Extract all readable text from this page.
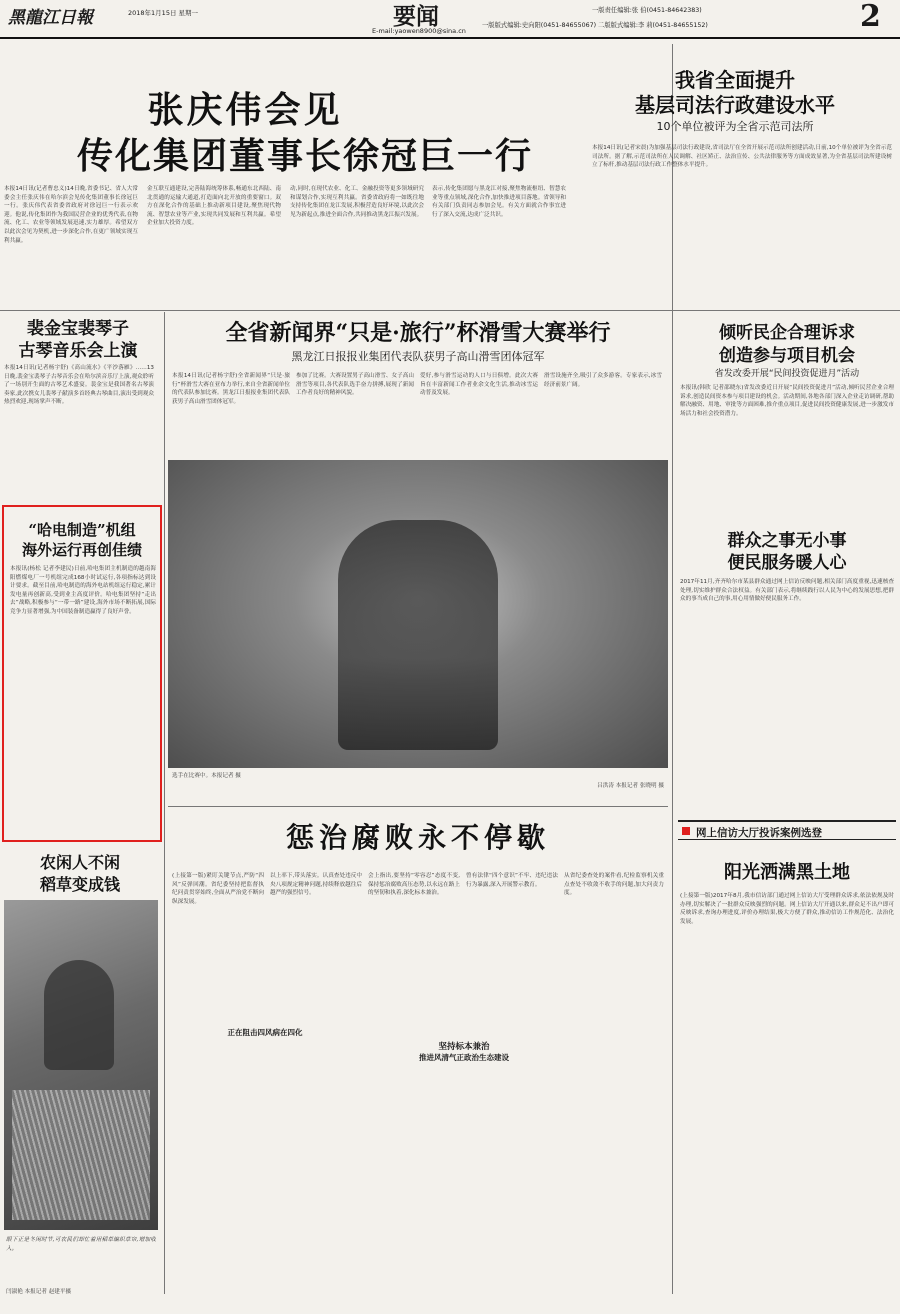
黑龍江日報	2018年1月15日 星期一	要闻
E-mail:yaowen8900@sina.cn
一版责任编辑:张 伯(0451-84642383)
一版版式编辑:史向阳(0451-84655067) 二版版式编辑:李 莉(0451-84655152)	2
张庆伟会见
传化集团董事长徐冠巨一行
本报14日讯(记者曹忠义)14日晚,省委书记、省人大常委会主任张庆伟在哈尔滨会见传化集团董事长徐冠巨一行。张庆伟代表省委省政府对徐冠巨一行表示欢迎。他说,传化集团作为我国民营企业的优秀代表,在物流、化工、农业等领域发展迅速,实力雄厚。希望双方以此次会见为契机,进一步深化合作,在更广领域实现互利共赢。
金互联互通建设,完善陆海统筹体系,畅通东北西陆、南北贯通的运输大通道,打造面向北开放的重要窗口。双方在深化合作的基础上推动新项目建设,聚焦现代物流、智慧农业等产业,实现共同发展和互利共赢。希望企业加大投资力度。
动,同时,在现代农业、化工、金融投资等更多领域研究和谋划合作,实现互利共赢。省委省政府将一如既往地支持传化集团在龙江发展,积极营造良好环境,以此次会见为新起点,推进全面合作,共同推动黑龙江振兴发展。
表示,传化集团愿与黑龙江对接,聚焦物流枢纽、智慧农业等重点领域,深化合作,加快推进项目落地。省领导和有关部门负责同志参加会见。有关方面就合作事宜进行了深入交流,达成广泛共识。
我省全面提升
基层司法行政建设水平
10个单位被评为全省示范司法所
本报14日讯(记者宋晨)为加强基层司法行政建设,省司法厅在全省开展示范司法所创建活动,日前,10个单位被评为全省示范司法所。据了解,示范司法所在人民调解、社区矫正、法治宣传、公共法律服务等方面成效显著,为全省基层司法所建设树立了标杆,推动基层司法行政工作整体水平提升。
裴金宝裴琴子
古琴音乐会上演
本报14日讯(记者杨宇舒)《高山流水》《平沙落雁》……13日晚,裴金宝裴琴子古琴音乐会在哈尔滨音乐厅上演,观众聆听了一场别开生面的古琴艺术盛宴。裴金宝是我国著名古琴演奏家,此次携女儿裴琴子献演多首经典古琴曲目,演出受到观众热烈欢迎,现场掌声不断。
全省新闻界“只是·旅行”杯滑雪大赛举行
黑龙江日报报业集团代表队获男子高山滑雪团体冠军
本报14日讯(记者杨宇舒)全省新闻界“只是·旅行”杯滑雪大赛在亚布力举行,来自全省新闻单位的代表队参加比赛。黑龙江日报报业集团代表队获男子高山滑雪团体冠军。
参加了比赛。大赛设置男子高山滑雪、女子高山滑雪等项目,各代表队选手奋力拼搏,展现了新闻工作者良好的精神风貌。
爱好,参与滑雪运动的人口与日俱增。此次大赛旨在丰富新闻工作者业余文化生活,推动冰雪运动普及发展。
滑雪设施齐全,吸引了众多游客。专家表示,冰雪经济前景广阔。
选手在比赛中。本报记者 摄
吕洪涛 本报记者 张晓明 摄
倾听民企合理诉求
创造参与项目机会
省发改委开展“民间投资促进月”活动
本报讯(韩欣 记者邵晓东)省发改委近日开展“民间投资促进月”活动,倾听民营企业合理诉求,创造民间资本参与项目建设的机会。活动期间,各地各部门深入企业走访调研,帮助解决融资、用地、审批等方面困难,推介重点项目,促进民间投资健康发展,进一步激发市场活力和社会投资潜力。
“哈电制造”机组
海外运行再创佳绩
本报讯(杨松 记者李建民)日前,哈电集团主机制造的越南海阳燃煤电厂一号机组完成168小时试运行,各项指标达到设计要求。截至目前,哈电制造的海外电站机组运行稳定,累计发电量再创新高,受到业主高度评价。哈电集团坚持“走出去”战略,积极参与“一带一路”建设,海外市场不断拓展,国际竞争力显著增强,为中国装备制造赢得了良好声誉。
群众之事无小事
便民服务暖人心
2017年11月,齐齐哈尔市某县群众通过网上信访反映问题,相关部门高度重视,迅速核查处理,切实维护群众合法权益。有关部门表示,将继续践行以人民为中心的发展思想,把群众的事当成自己的事,用心用情做好便民服务工作。
惩治腐败永不停歇
(上接第一版)紧盯关键节点,严防“四风”反弹回潮。省纪委坚持把监督执纪问责贯穿始终,全面从严治党不断向纵深发展。
以上率下,带头落实。认真查处违反中央八项规定精神问题,持续释放越往后越严的强烈信号。
会上指出,要坚持“零容忍”态度不变,保持惩治腐败高压态势,以永远在路上的坚韧和执着,深化标本兼治。
曾有法律“四个意识”不牢、违纪违法行为暴露,深入开展警示教育。
从省纪委查处的案件看,纪检监察机关重点查处不收敛不收手的问题,加大问责力度。
正在阻击四风病在四化
坚持标本兼治
推进风清气正政治生态建设
网上信访大厅投诉案例选登
阳光洒满黑土地
(上接第一版)2017年8月,我市信访部门通过网上信访大厅受理群众诉求,依法依规及时办理,切实解决了一批群众反映强烈的问题。网上信访大厅开通以来,群众足不出户即可反映诉求,查询办理进度,评价办理结果,极大方便了群众,推动信访工作规范化、法治化发展。
农闲人不闲
稻草变成钱
眼下正是冬闲时节,可农民们却忙着用稻草编织草帘,增加收入。
闫淑艳 本报记者 赵建平摄
